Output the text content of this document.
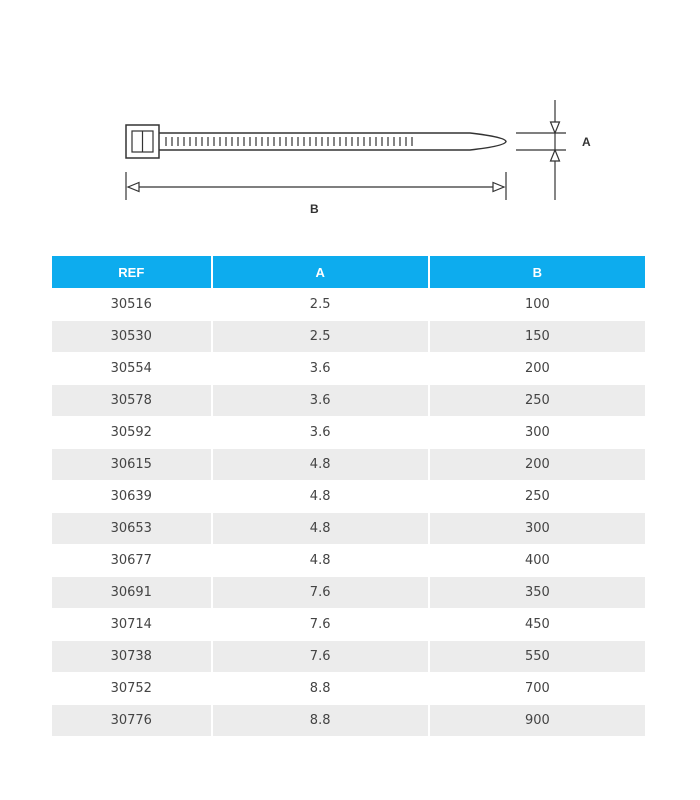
A
B
REF	A	B
30516	2.5	100
30530	2.5	150
30554	3.6	200
30578	3.6	250
30592	3.6	300
30615	4.8	200
30639	4.8	250
30653	4.8	300
30677	4.8	400
30691	7.6	350
30714	7.6	450
30738	7.6	550
30752	8.8	700
30776	8.8	900
